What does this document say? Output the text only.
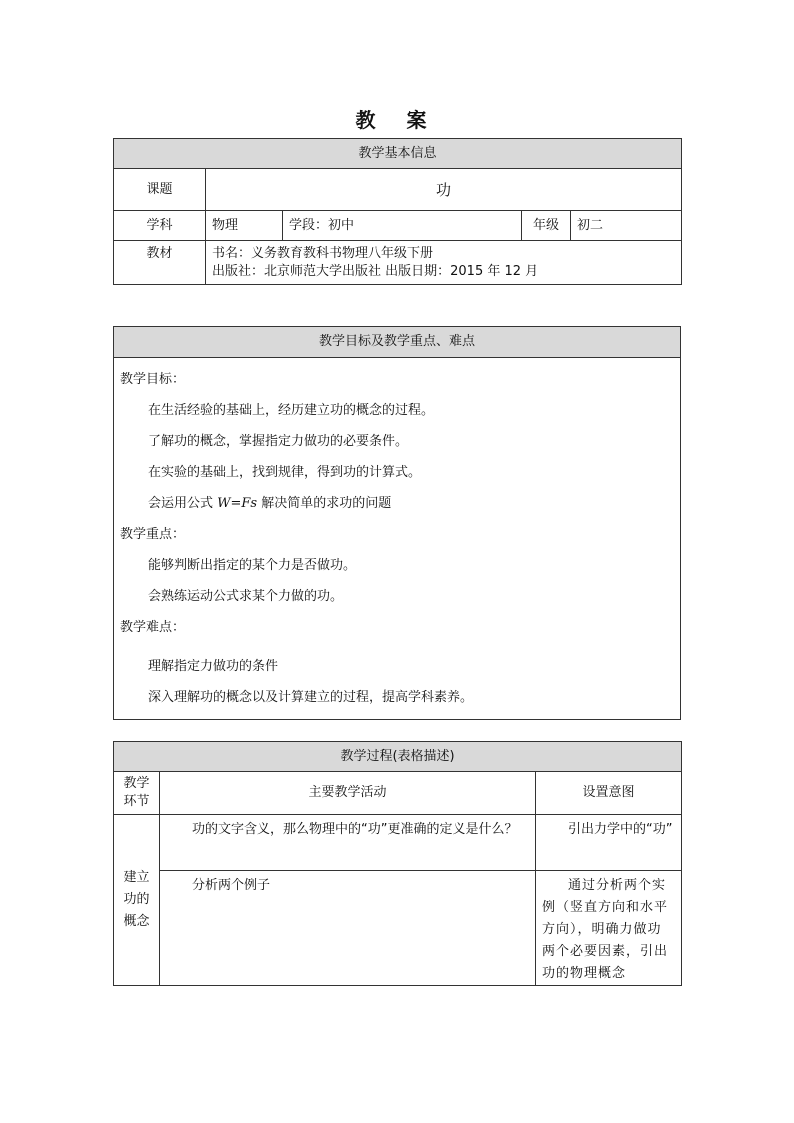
教 案
教学基本信息				
课题	功			
学科	物理	学段：初中	年级	初二
教材	书名：义务教育教科书物理八年级下册
出版社：北京师范大学出版社 出版日期：2015 年 12 月			
教学目标及教学重点、难点

教学目标：

在生活经验的基础上，经历建立功的概念的过程。

了解功的概念，掌握指定力做功的必要条件。

在实验的基础上，找到规律，得到功的计算式。

会运用公式 W=Fs 解决简单的求功的问题

教学重点：

能够判断出指定的某个力是否做功。

会熟练运动公式求某个力做的功。

教学难点：

理解指定力做功的条件

深入理解功的概念以及计算建立的过程，提高学科素养。

教学过程(表格描述)		
教学
环节	主要教学活动	设置意图
建立
功的
概念	功的文字含义，那么物理中的“功”更准确的定义是什么？	引出力学中的“功”
	分析两个例子	通过分析两个实例（竖直方向和水平方向），明确力做功两个必要因素，引出功的物理概念
